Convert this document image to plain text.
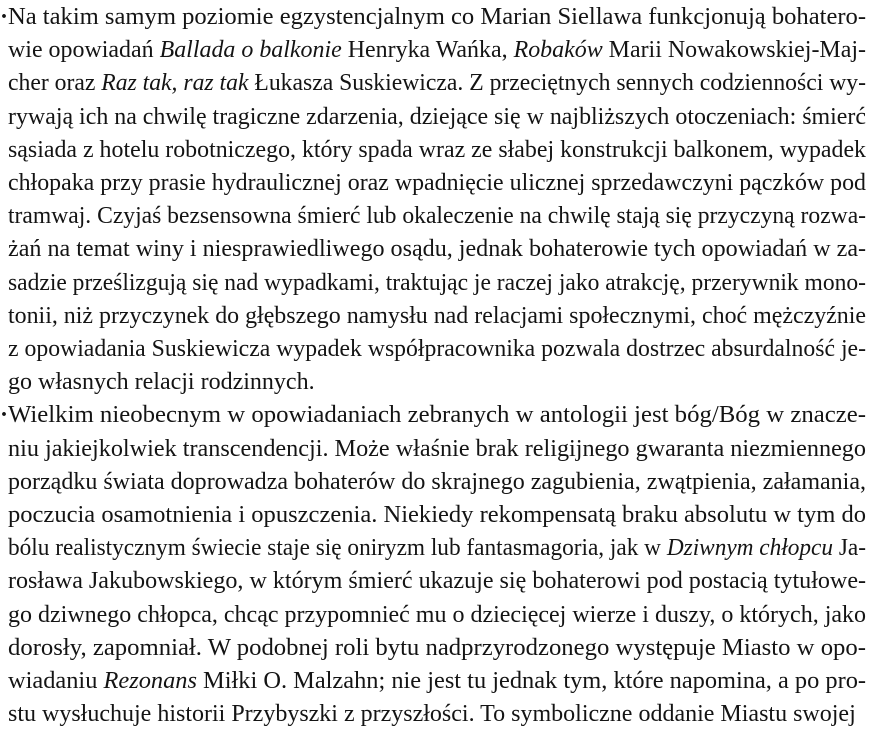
· Na takim samym poziomie egzystencjalnym co Marian Siellawa funkcjonują bohatero-
wie opowiadań Ballada o balkonie Henryka Wańka, Robaków Marii Nowakowskiej-Maj-
cher oraz Raz tak, raz tak Łukasza Suskiewicza. Z przeciętnych sennych codzienności wy-
rywają ich na chwilę tragiczne zdarzenia, dziejące się w najbliższych otoczeniach: śmierć
sąsiada z hotelu robotniczego, który spada wraz ze słabej konstrukcji balkonem, wypadek
chłopaka przy prasie hydraulicznej oraz wpadnięcie ulicznej sprzedawczyni pączków pod
tramwaj. Czyjaś bezsensowna śmierć lub okaleczenie na chwilę stają się przyczyną rozwa-
żań na temat winy i niesprawiedliwego osądu, jednak bohaterowie tych opowiadań w za-
sadzie prześlizgują się nad wypadkami, traktując je raczej jako atrakcję, przerywnik mono-
tonii, niż przyczynek do głębszego namysłu nad relacjami społecznymi, choć mężczyźnie
z opowiadania Suskiewicza wypadek współpracownika pozwala dostrzec absurdalność je-
go własnych relacji rodzinnych.
· Wielkim nieobecnym w opowiadaniach zebranych w antologii jest bóg/Bóg w znacze-
niu jakiejkolwiek transcendencji. Może właśnie brak religijnego gwaranta niezmiennego
porządku świata doprowadza bohaterów do skrajnego zagubienia, zwątpienia, załamania,
poczucia osamotnienia i opuszczenia. Niekiedy rekompensatą braku absolutu w tym do
bólu realistycznym świecie staje się oniryzm lub fantasmagoria, jak w Dziwnym chłopcu Ja-
rosława Jakubowskiego, w którym śmierć ukazuje się bohaterowi pod postacią tytułowe-
go dziwnego chłopca, chcąc przypomnieć mu o dziecięcej wierze i duszy, o których, jako
dorosły, zapomniał. W podobnej roli bytu nadprzyrodzonego występuje Miasto w opo-
wiadaniu Rezonans Miłki O. Malzahn; nie jest tu jednak tym, które napomina, a po pro-
stu wysłuchuje historii Przybyszki z przyszłości. To symboliczne oddanie Miastu swojej
